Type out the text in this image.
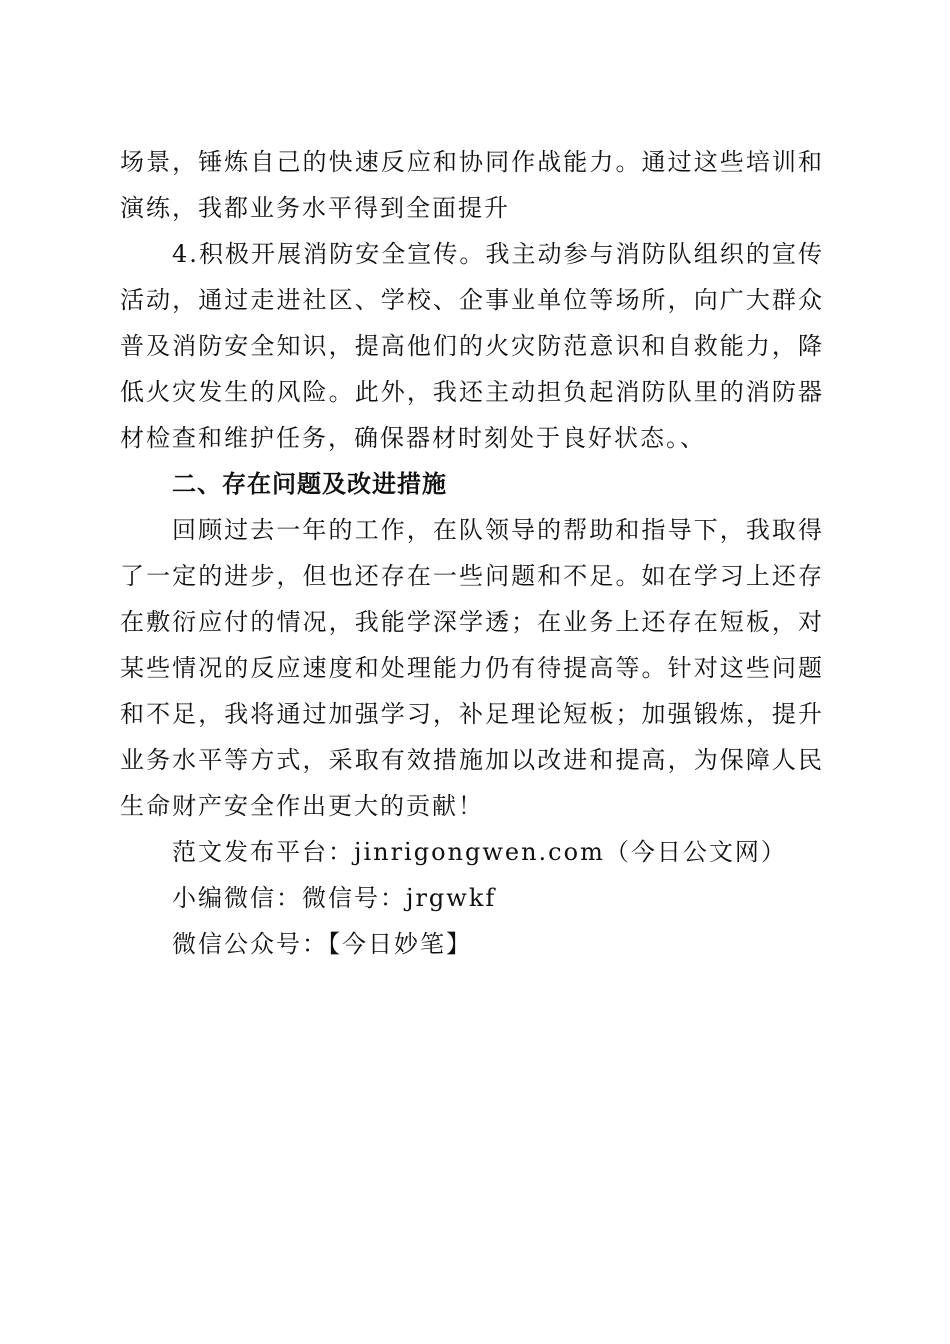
场景，锤炼自己的快速反应和协同作战能力。通过这些培训和演练，我都业务水平得到全面提升

4.积极开展消防安全宣传。我主动参与消防队组织的宣传活动，通过走进社区、学校、企事业单位等场所，向广大群众普及消防安全知识，提高他们的火灾防范意识和自救能力，降低火灾发生的风险。此外，我还主动担负起消防队里的消防器材检查和维护任务，确保器材时刻处于良好状态。、

二、存在问题及改进措施

回顾过去一年的工作，在队领导的帮助和指导下，我取得了一定的进步，但也还存在一些问题和不足。如在学习上还存在敷衍应付的情况，我能学深学透；在业务上还存在短板，对某些情况的反应速度和处理能力仍有待提高等。针对这些问题和不足，我将通过加强学习，补足理论短板；加强锻炼，提升业务水平等方式，采取有效措施加以改进和提高，为保障人民生命财产安全作出更大的贡献！

范文发布平台：jinrigongwen.com（今日公文网）

小编微信：微信号：jrgwkf

微信公众号：【今日妙笔】
